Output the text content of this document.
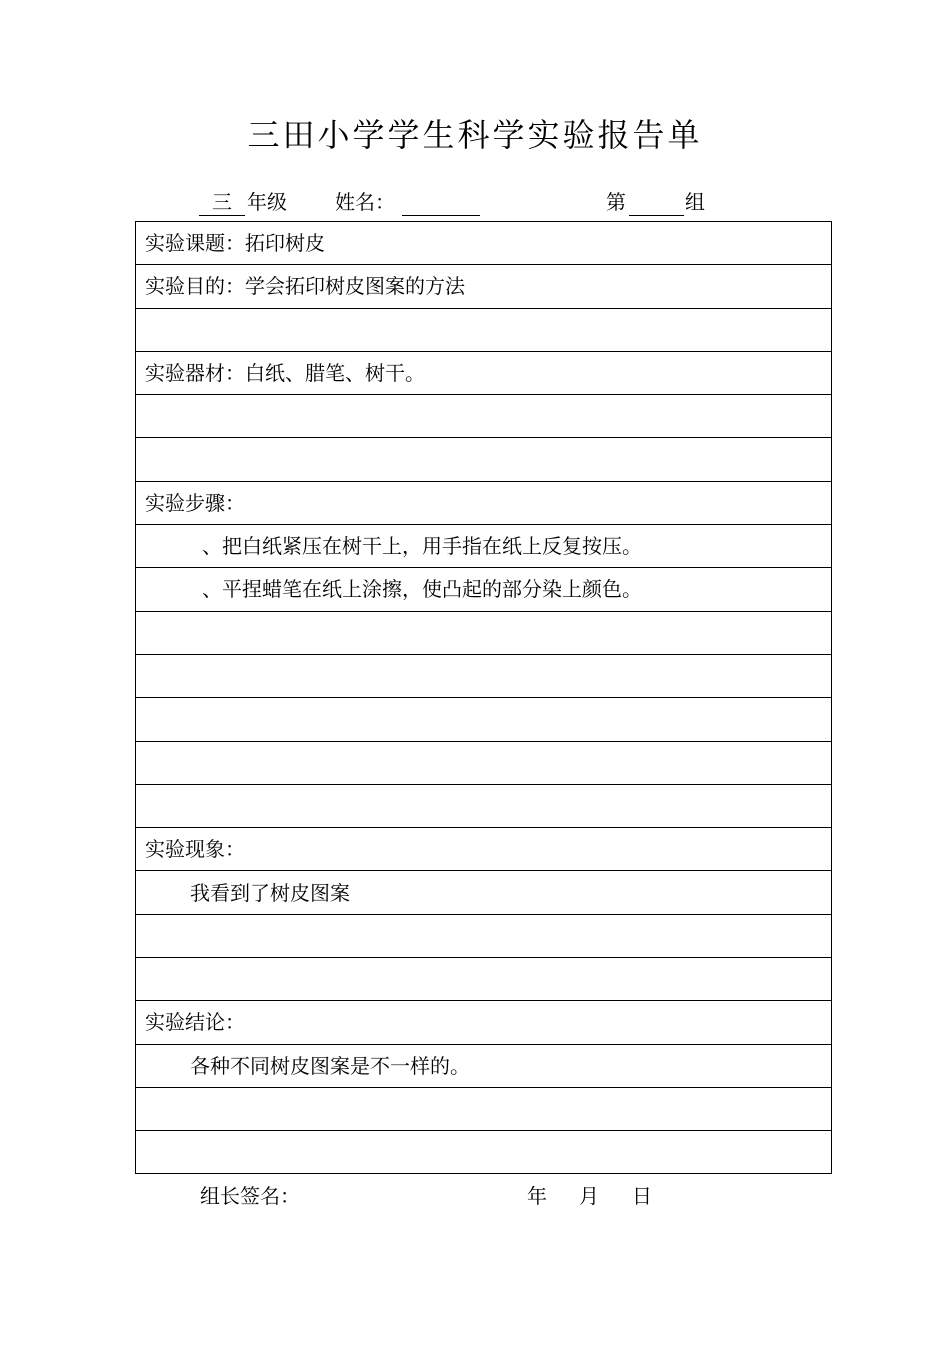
三田小学学生科学实验报告单
三 年级 姓名：	第	组
实验课题：拓印树皮
实验目的：学会拓印树皮图案的方法
实验器材：白纸、腊笔、树干。
实验步骤：
、把白纸紧压在树干上，用手指在纸上反复按压。
、平捏蜡笔在纸上涂擦，使凸起的部分染上颜色。
实验现象：
我看到了树皮图案
实验结论：
各种不同树皮图案是不一样的。
组长签名：	年 月 日
